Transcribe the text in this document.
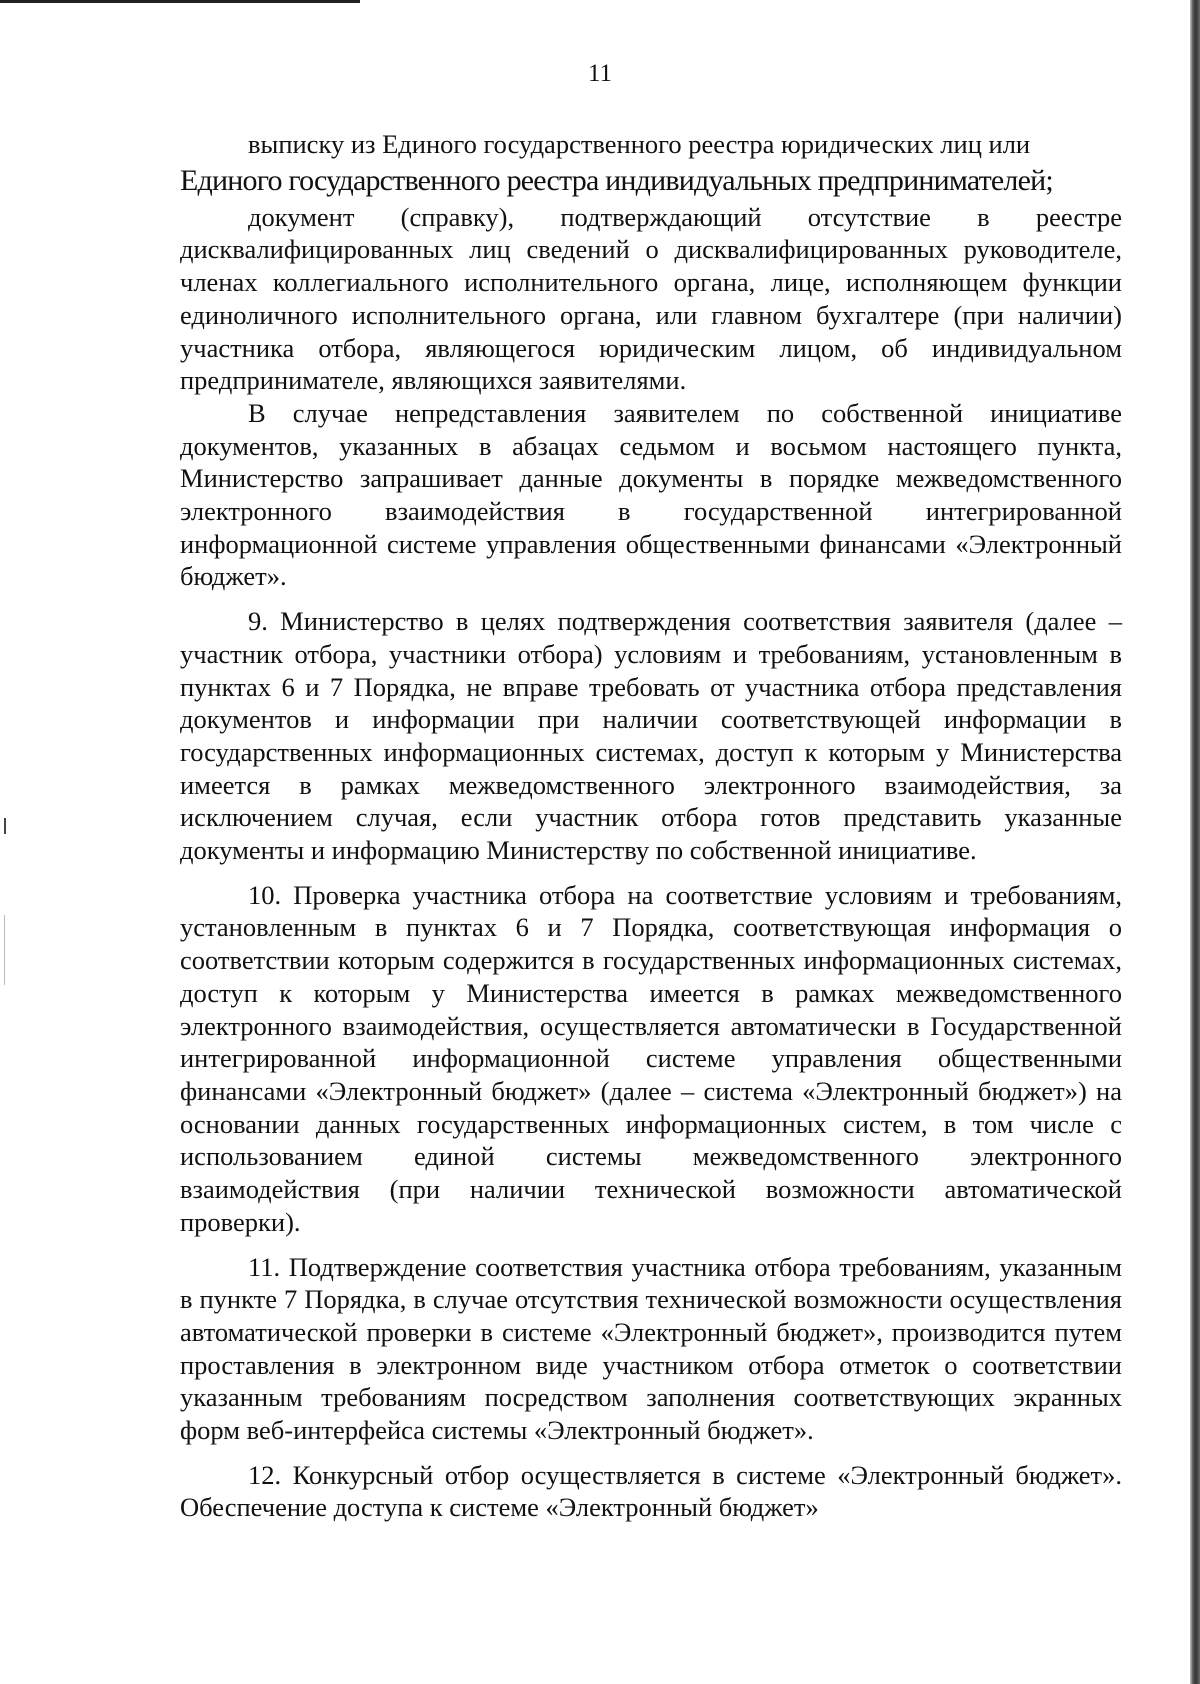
11

выписку из Единого государственного реестра юридических лиц или

Единого государственного реестра индивидуальных предпринимателей;

документ (справку), подтверждающий отсутствие в реестре дисквалифицированных лиц сведений о дисквалифицированных руководителе, членах коллегиального исполнительного органа, лице, исполняющем функции единоличного исполнительного органа, или главном бухгалтере (при наличии) участника отбора, являющегося юридическим лицом, об индивидуальном предпринимателе, являющихся заявителями.

В случае непредставления заявителем по собственной инициативе документов, указанных в абзацах седьмом и восьмом настоящего пункта, Министерство запрашивает данные документы в порядке межведомственного электронного взаимодействия в государственной интегрированной информационной системе управления общественными финансами «Электронный бюджет».

9. Министерство в целях подтверждения соответствия заявителя (далее – участник отбора, участники отбора) условиям и требованиям, установленным в пунктах 6 и 7 Порядка, не вправе требовать от участника отбора представления документов и информации при наличии соответствующей информации в государственных информационных системах, доступ к которым у Министерства имеется в рамках межведомственного электронного взаимодействия, за исключением случая, если участник отбора готов представить указанные документы и информацию Министерству по собственной инициативе.

10. Проверка участника отбора на соответствие условиям и требованиям, установленным в пунктах 6 и 7 Порядка, соответствующая информация о соответствии которым содержится в государственных информационных системах, доступ к которым у Министерства имеется в рамках межведомственного электронного взаимодействия, осуществляется автоматически в Государственной интегрированной информационной системе управления общественными финансами «Электронный бюджет» (далее – система «Электронный бюджет») на основании данных государственных информационных систем, в том числе с использованием единой системы межведомственного электронного взаимодействия (при наличии технической возможности автоматической проверки).

11. Подтверждение соответствия участника отбора требованиям, указанным в пункте 7 Порядка, в случае отсутствия технической возможности осуществления автоматической проверки в системе «Электронный бюджет», производится путем проставления в электронном виде участником отбора отметок о соответствии указанным требованиям посредством заполнения соответствующих экранных форм веб-интерфейса системы «Электронный бюджет».

12. Конкурсный отбор осуществляется в системе «Электронный бюджет». Обеспечение доступа к системе «Электронный бюджет»
